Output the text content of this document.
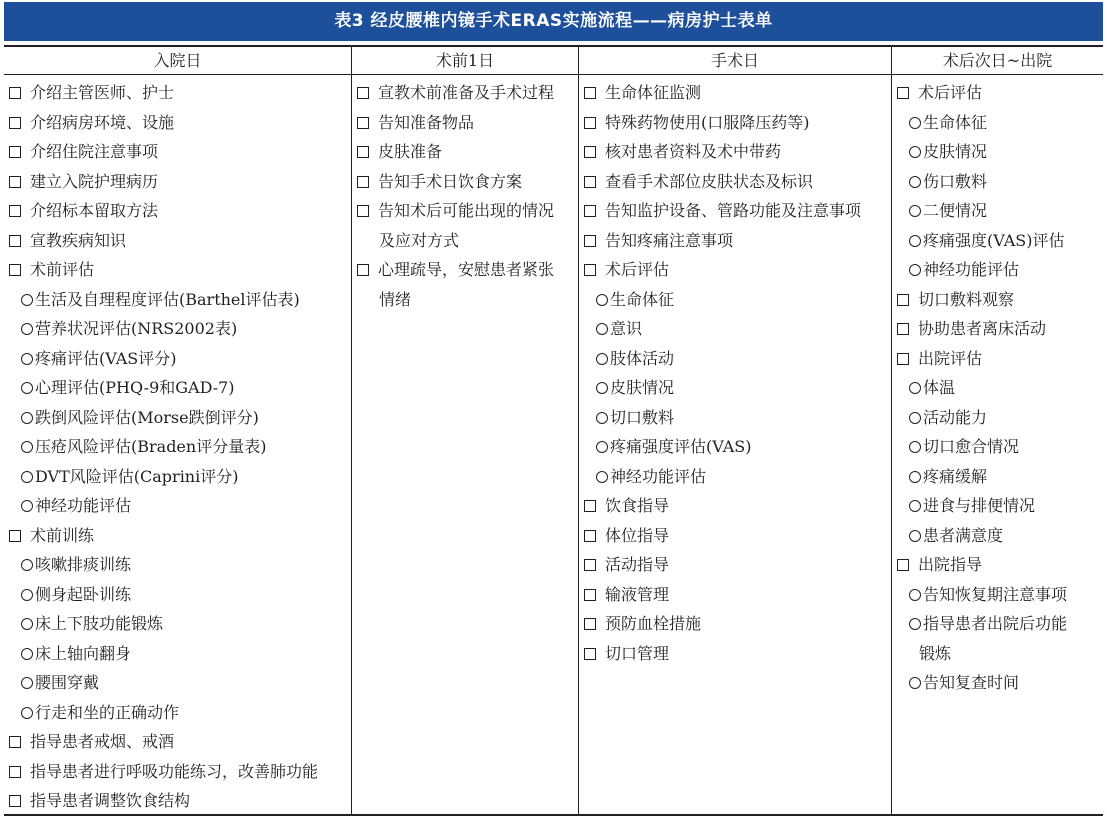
表3 经皮腰椎内镜手术ERAS实施流程——病房护士表单
入院日
介绍主管医师、护士
介绍病房环境、设施
介绍住院注意事项
建立入院护理病历
介绍标本留取方法
宣教疾病知识
术前评估
生活及自理程度评估(Barthel评估表)
营养状况评估(NRS2002表)
疼痛评估(VAS评分)
心理评估(PHQ-9和GAD-7)
跌倒风险评估(Morse跌倒评分)
压疮风险评估(Braden评分量表)
DVT风险评估(Caprini评分)
神经功能评估
术前训练
咳嗽排痰训练
侧身起卧训练
床上下肢功能锻炼
床上轴向翻身
腰围穿戴
行走和坐的正确动作
指导患者戒烟、戒酒
指导患者进行呼吸功能练习，改善肺功能
指导患者调整饮食结构
术前1日
宣教术前准备及手术过程
告知准备物品
皮肤准备
告知手术日饮食方案
告知术后可能出现的情况
及应对方式
心理疏导，安慰患者紧张
情绪
手术日
生命体征监测
特殊药物使用(口服降压药等)
核对患者资料及术中带药
查看手术部位皮肤状态及标识
告知监护设备、管路功能及注意事项
告知疼痛注意事项
术后评估
生命体征
意识
肢体活动
皮肤情况
切口敷料
疼痛强度评估(VAS)
神经功能评估
饮食指导
体位指导
活动指导
输液管理
预防血栓措施
切口管理
术后次日~出院
术后评估
生命体征
皮肤情况
伤口敷料
二便情况
疼痛强度(VAS)评估
神经功能评估
切口敷料观察
协助患者离床活动
出院评估
体温
活动能力
切口愈合情况
疼痛缓解
进食与排便情况
患者满意度
出院指导
告知恢复期注意事项
指导患者出院后功能
锻炼
告知复查时间
